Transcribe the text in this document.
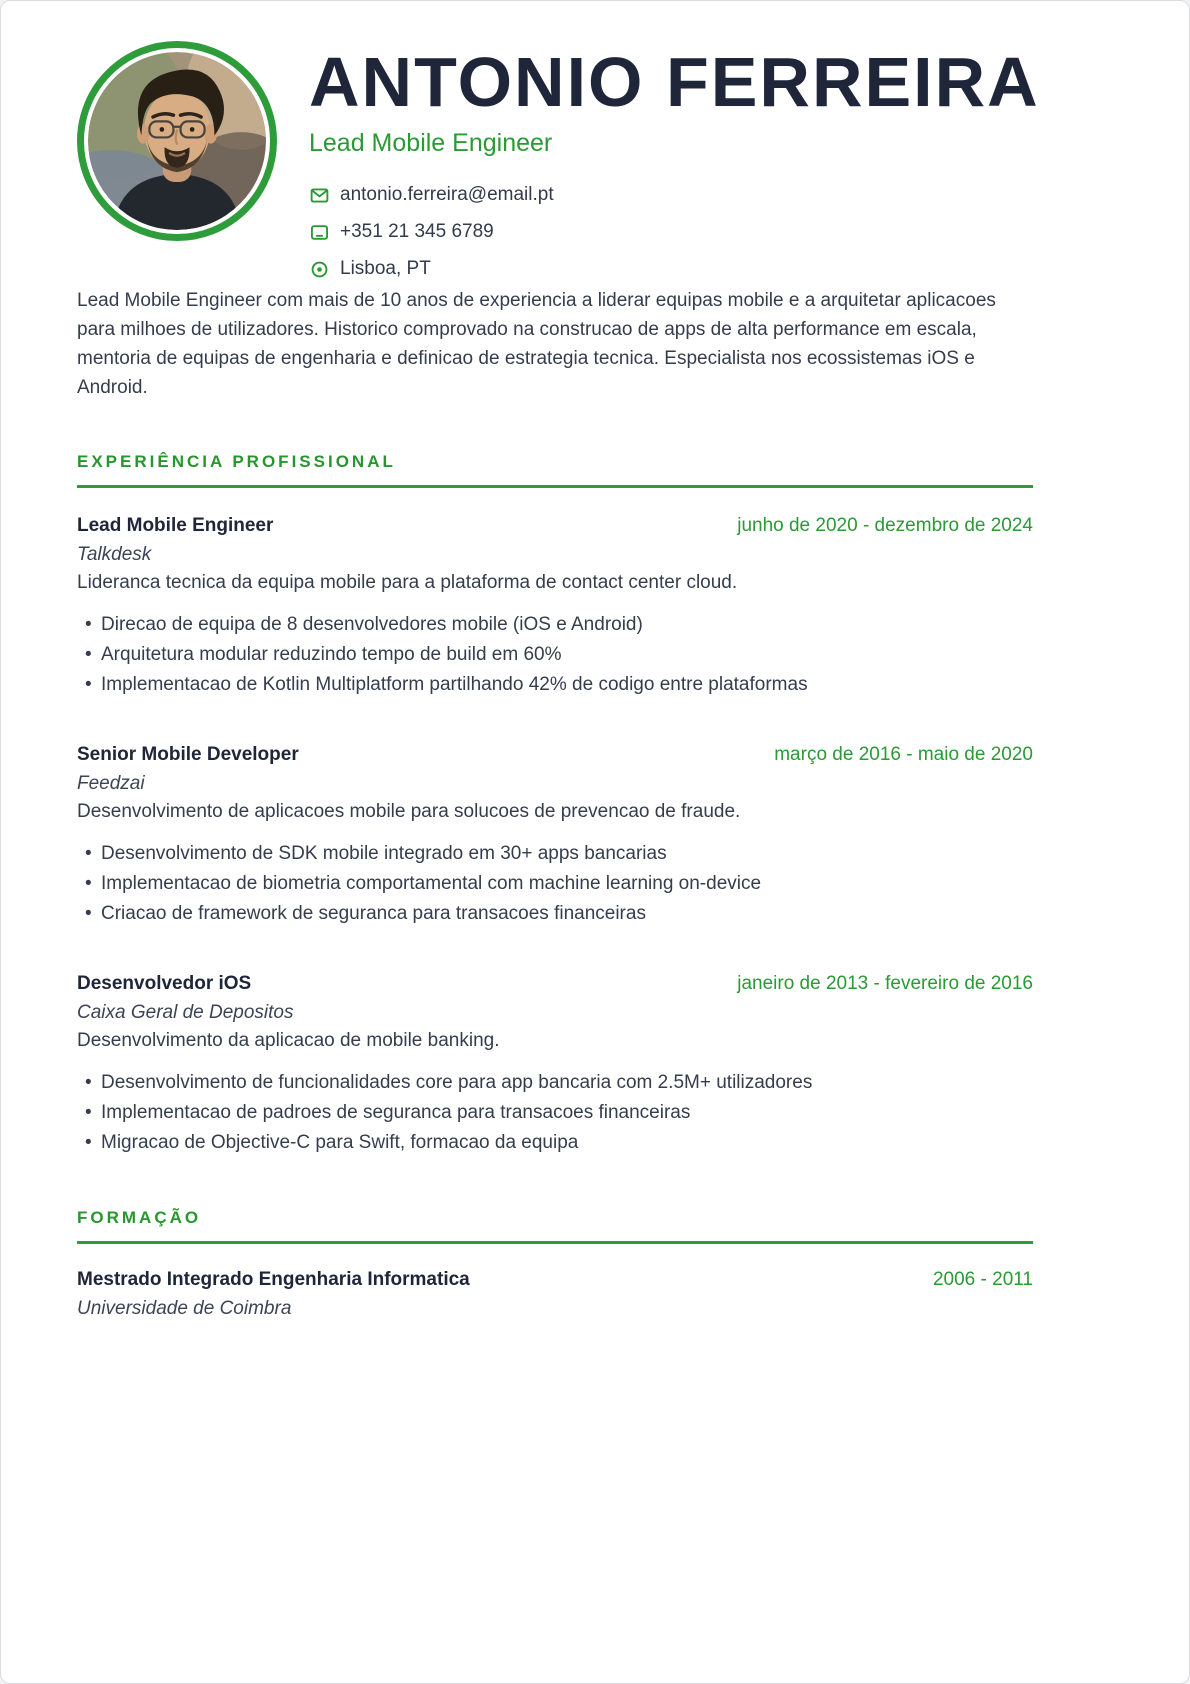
ANTONIO FERREIRA
Lead Mobile Engineer
antonio.ferreira@email.pt
+351 21 345 6789
Lisboa, PT
Lead Mobile Engineer com mais de 10 anos de experiencia a liderar equipas mobile e a arquitetar aplicacoes para milhoes de utilizadores. Historico comprovado na construcao de apps de alta performance em escala, mentoria de equipas de engenharia e definicao de estrategia tecnica. Especialista nos ecossistemas iOS e Android.
EXPERIÊNCIA PROFISSIONAL
Lead Mobile Engineer	junho de 2020 - dezembro de 2024
Talkdesk
Lideranca tecnica da equipa mobile para a plataforma de contact center cloud.
• Direcao de equipa de 8 desenvolvedores mobile (iOS e Android)
• Arquitetura modular reduzindo tempo de build em 60%
• Implementacao de Kotlin Multiplatform partilhando 42% de codigo entre plataformas
Senior Mobile Developer	março de 2016 - maio de 2020
Feedzai
Desenvolvimento de aplicacoes mobile para solucoes de prevencao de fraude.
• Desenvolvimento de SDK mobile integrado em 30+ apps bancarias
• Implementacao de biometria comportamental com machine learning on-device
• Criacao de framework de seguranca para transacoes financeiras
Desenvolvedor iOS	janeiro de 2013 - fevereiro de 2016
Caixa Geral de Depositos
Desenvolvimento da aplicacao de mobile banking.
• Desenvolvimento de funcionalidades core para app bancaria com 2.5M+ utilizadores
• Implementacao de padroes de seguranca para transacoes financeiras
• Migracao de Objective-C para Swift, formacao da equipa
FORMAÇÃO
Mestrado Integrado Engenharia Informatica	2006 - 2011
Universidade de Coimbra
